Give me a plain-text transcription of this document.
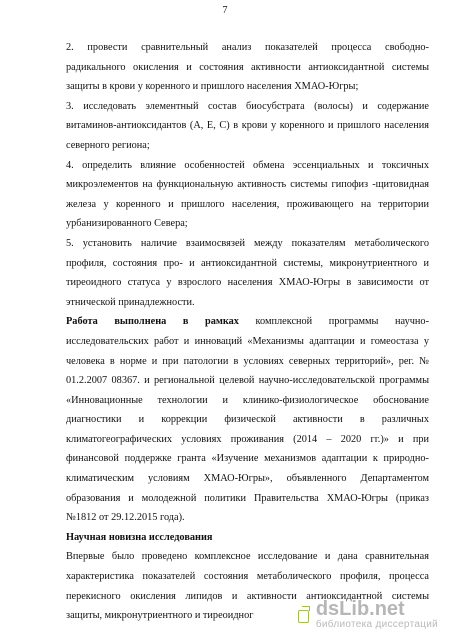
7
2. провести сравнительный анализ показателей процесса свободно-
радикального окисления и состояния активности антиоксидантной системы
защиты в крови у коренного и пришлого населения ХМАО-Югры;
3. исследовать элементный состав биосубстрата (волосы) и содержание
витаминов-антиоксидантов (А, Е, С) в крови у коренного и пришлого населения
северного региона;
4. определить влияние особенностей обмена эссенциальных и токсичных
микроэлементов на функциональную активность системы гипофиз -щитовидная
железа у коренного и пришлого населения, проживающего на территории
урбанизированного Севера;
5. установить наличие взаимосвязей между показателям метаболического
профиля, состояния про- и антиоксидантной системы, микронутриентного и
тиреоидного статуса у взрослого населения ХМАО-Югры в зависимости от
этнической принадлежности.
Работа выполнена в рамках комплексной программы научно-
исследовательских работ и инноваций «Механизмы адаптации и гомеостаза у
человека в норме и при патологии в условиях северных территорий», рег. №
01.2.2007 08367. и региональной целевой научно-исследовательской программы
«Инновационные технологии и клинико-физиологическое обоснование
диагностики и коррекции физической активности в различных
климатогеографических условиях проживания (2014 – 2020 гг.)» и при
финансовой поддержке гранта «Изучение механизмов адаптации к природно-
климатическим условиям ХМАО-Югры», объявленного Департаментом
образования и молодежной политики Правительства ХМАО-Югры (приказ
№1812 от 29.12.2015 года).
Научная новизна исследования
Впервые было проведено комплексное исследование и дана сравнительная
характеристика показателей состояния метаболического профиля, процесса
перекисного окисления липидов и активности антиоксидантной системы
защиты, микронутриентного и тиреоидног	dsLib.net
библиотека диссертаций
